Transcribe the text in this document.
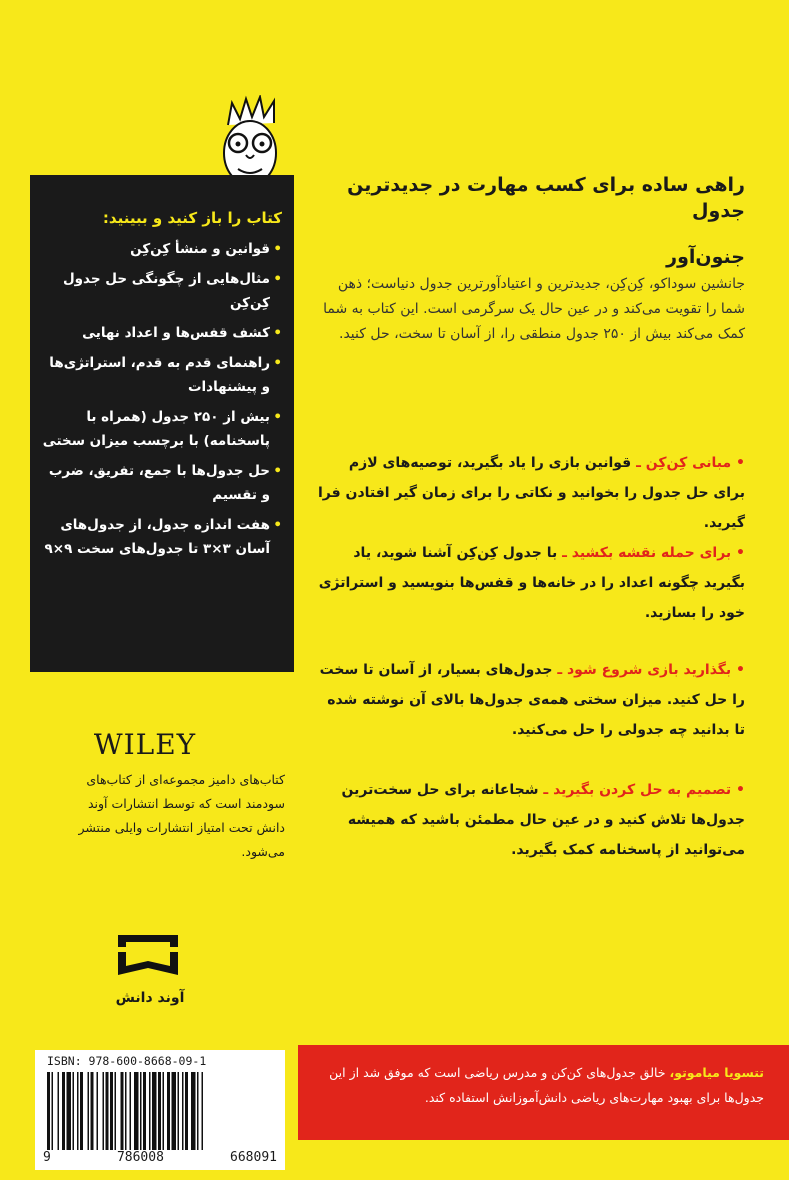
کتاب را باز کنید و ببینید:
• قوانین و منشأ کِن‌کِن
• مثال‌هایی از چگونگی حل جدول کِن‌کِن
• کشف قفس‌ها و اعداد نهایی
• راهنمای قدم به قدم، استراتژی‌ها و پیشنهادات
• بیش از ۲۵۰ جدول (همراه با پاسخنامه) با برچسب میزان سختی
• حل جدول‌ها با جمع، تفریق، ضرب و تقسیم
• هفت اندازه جدول، از جدول‌های آسان ۳×۳ تا جدول‌های سخت ۹×۹
راهی ساده برای کسب مهارت در جدیدترین جدول
جنون‌آور
جانشین سوداکو، کِن‌کِن، جدیدترین و اعتیادآورترین جدول دنیاست؛ ذهن شما را تقویت می‌کند و در عین حال یک سرگرمی است. این کتاب به شما کمک می‌کند بیش از ۲۵۰ جدول منطقی را، از آسان تا سخت، حل کنید.
• مبانی کِن‌کِن ـ قوانین بازی را یاد بگیرید، توصیه‌های لازم برای حل جدول را بخوانید و نکاتی را برای زمان گیر افتادن فرا گیرید.
• برای حمله نقشه بکشید ـ با جدول کِن‌کِن آشنا شوید، یاد بگیرید چگونه اعداد را در خانه‌ها و قفس‌ها بنویسید و استراتژی خود را بسازید.
• بگذارید بازی شروع شود ـ جدول‌های بسیار، از آسان تا سخت را حل کنید. میزان سختی همه‌ی جدول‌ها بالای آن نوشته شده تا بدانید چه جدولی را حل می‌کنید.
• تصمیم به حل کردن بگیرید ـ شجاعانه برای حل سخت‌ترین جدول‌ها تلاش کنید و در عین حال مطمئن باشید که همیشه می‌توانید از پاسخنامه کمک بگیرید.
WILEY
کتاب‌های دامیز مجموعه‌ای از کتاب‌های سودمند است که توسط انتشارات آوند دانش تحت امتیاز انتشارات وایلی منتشر می‌شود.
آوند دانش
ISBN: 978-600-8668-09-1
9	786008	668091
تتسویا میاموتو، خالق جدول‌های کن‌کن و مدرس ریاضی است که موفق شد از این جدول‌ها برای بهبود مهارت‌های ریاضی دانش‌آموزانش استفاده کند.
